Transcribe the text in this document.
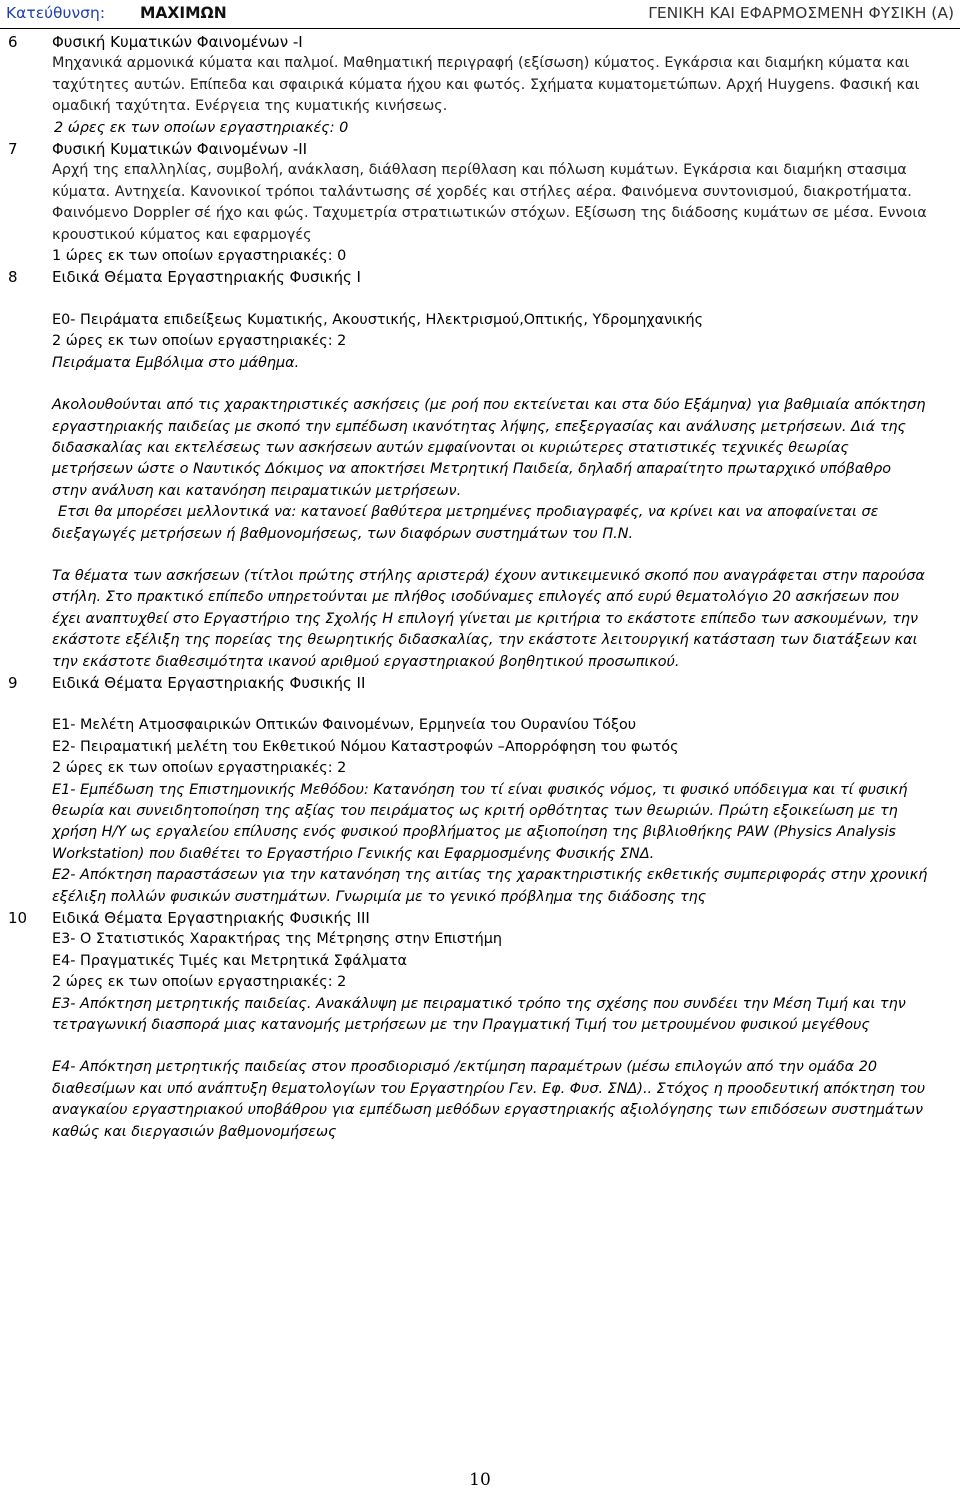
Κατεύθυνση: ΜΑΧΙΜΩΝ	ΓΕΝΙΚΗ ΚΑΙ ΕΦΑΡΜΟΣΜΕΝΗ ΦΥΣΙΚΗ (Α)
6 Φυσική Κυματικών Φαινομένων -I
Μηχανικά αρμονικά κύματα και παλμοί. Μαθηματική περιγραφή (εξίσωση) κύματος. Εγκάρσια και διαμήκη κύματα και ταχύτητες αυτών. Επίπεδα και σφαιρικά κύματα ήχου και φωτός. Σχήματα κυματομετώπων. Αρχή Huygens. Φασική και ομαδική ταχύτητα. Ενέργεια της κυματικής κινήσεως.
2 ώρες εκ των οποίων εργαστηριακές: 0
7 Φυσική Κυματικών Φαινομένων -II
Αρχή της επαλληλίας, συμβολή, ανάκλαση, διάθλαση περίθλαση και πόλωση κυμάτων. Εγκάρσια και διαμήκη στασιμα κύματα. Αντηχεία. Κανονικοί τρόποι ταλάντωσης σέ χορδές και στήλες αέρα. Φαινόμενα συντονισμού, διακροτήματα. Φαινόμενο Doppler σέ ήχο και φώς. Ταχυμετρία στρατιωτικών στόχων. Εξίσωση της διάδοσης κυμάτων σε μέσα. Εννοια κρουστικού κύματος και εφαρμογές
1 ώρες εκ των οποίων εργαστηριακές: 0
8 Ειδικά Θέματα Εργαστηριακής Φυσικής I
Ε0- Πειράματα επιδείξεως Κυματικής, Ακουστικής, Ηλεκτρισμού,Οπτικής, Υδρομηχανικής
2 ώρες εκ των οποίων εργαστηριακές: 2
Πειράματα Εμβόλιμα στο μάθημα.
Ακολουθούνται από τις χαρακτηριστικές ασκήσεις (με ροή που εκτείνεται και στα δύο Εξάμηνα) για βαθμιαία απόκτηση εργαστηριακής παιδείας με σκοπό την εμπέδωση ικανότητας λήψης, επεξεργασίας και ανάλυσης μετρήσεων. Διά της διδασκαλίας και εκτελέσεως των ασκήσεων αυτών εμφαίνονται οι κυριώτερες στατιστικές τεχνικές θεωρίας μετρήσεων ώστε ο Ναυτικός Δόκιμος να αποκτήσει Μετρητική Παιδεία, δηλαδή απαραίτητο πρωταρχικό υπόβαθρο στην ανάλυση και κατανόηση πειραματικών μετρήσεων.
Ετσι θα μπορέσει μελλοντικά να: κατανοεί βαθύτερα μετρημένες προδιαγραφές, να κρίνει και να αποφαίνεται σε διεξαγωγές μετρήσεων ή βαθμονομήσεως, των διαφόρων συστημάτων του Π.Ν.
Τα θέματα των ασκήσεων (τίτλοι πρώτης στήλης αριστερά) έχουν αντικειμενικό σκοπό που αναγράφεται στην παρούσα στήλη. Στο πρακτικό επίπεδο υπηρετούνται με πλήθος ισοδύναμες επιλογές από ευρύ θεματολόγιο 20 ασκήσεων που έχει αναπτυχθεί στο Εργαστήριο της Σχολής Η επιλογή γίνεται με κριτήρια το εκάστοτε επίπεδο των ασκουμένων, την εκάστοτε εξέλιξη της πορείας της θεωρητικής διδασκαλίας, την εκάστοτε λειτουργική κατάσταση των διατάξεων και την εκάστοτε διαθεσιμότητα ικανού αριθμού εργαστηριακού βοηθητικού προσωπικού.
9 Ειδικά Θέματα Εργαστηριακής Φυσικής II
Ε1- Μελέτη Ατμοσφαιρικών Οπτικών Φαινομένων, Ερμηνεία του Ουρανίου Τόξου
Ε2- Πειραματική μελέτη του Εκθετικού Νόμου Καταστροφών –Απορρόφηση του φωτός
2 ώρες εκ των οποίων εργαστηριακές: 2
Ε1- Εμπέδωση της Επιστημονικής Μεθόδου: Κατανόηση του τί είναι φυσικός νόμος, τι φυσικό υπόδειγμα και τί φυσική θεωρία και συνειδητοποίηση της αξίας του πειράματος ως κριτή ορθότητας των θεωριών. Πρώτη εξοικείωση με τη χρήση Η/Υ ως εργαλείου επίλυσης ενός φυσικού προβλήματος με αξιοποίηση της βιβλιοθήκης PAW (Physics Analysis Workstation) που διαθέτει το Εργαστήριο Γενικής και Εφαρμοσμένης Φυσικής ΣΝΔ.
Ε2- Απόκτηση παραστάσεων για την κατανόηση της αιτίας της χαρακτηριστικής εκθετικής συμπεριφοράς στην χρονική εξέλιξη πολλών φυσικών συστημάτων. Γνωριμία με το γενικό πρόβλημα της διάδοσης της
10 Ειδικά Θέματα Εργαστηριακής Φυσικής III
Ε3- Ο Στατιστικός Χαρακτήρας της Μέτρησης στην Επιστήμη
Ε4- Πραγματικές Τιμές και Μετρητικά Σφάλματα
2 ώρες εκ των οποίων εργαστηριακές: 2
Ε3- Απόκτηση μετρητικής παιδείας. Ανακάλυψη με πειραματικό τρόπο της σχέσης που συνδέει την Μέση Τιμή και την τετραγωνική διασπορά μιας κατανομής μετρήσεων με την Πραγματική Τιμή του μετρουμένου φυσικού μεγέθους
Ε4- Απόκτηση μετρητικής παιδείας στον προσδιορισμό /εκτίμηση παραμέτρων (μέσω επιλογών από την ομάδα 20 διαθεσίμων και υπό ανάπτυξη θεματολογίων του Εργαστηρίου Γεν. Εφ. Φυσ. ΣΝΔ).. Στόχος η προοδευτική απόκτηση του αναγκαίου εργαστηριακού υποβάθρου για εμπέδωση μεθόδων εργαστηριακής αξιολόγησης των επιδόσεων συστημάτων καθώς και διεργασιών βαθμονομήσεως
10
